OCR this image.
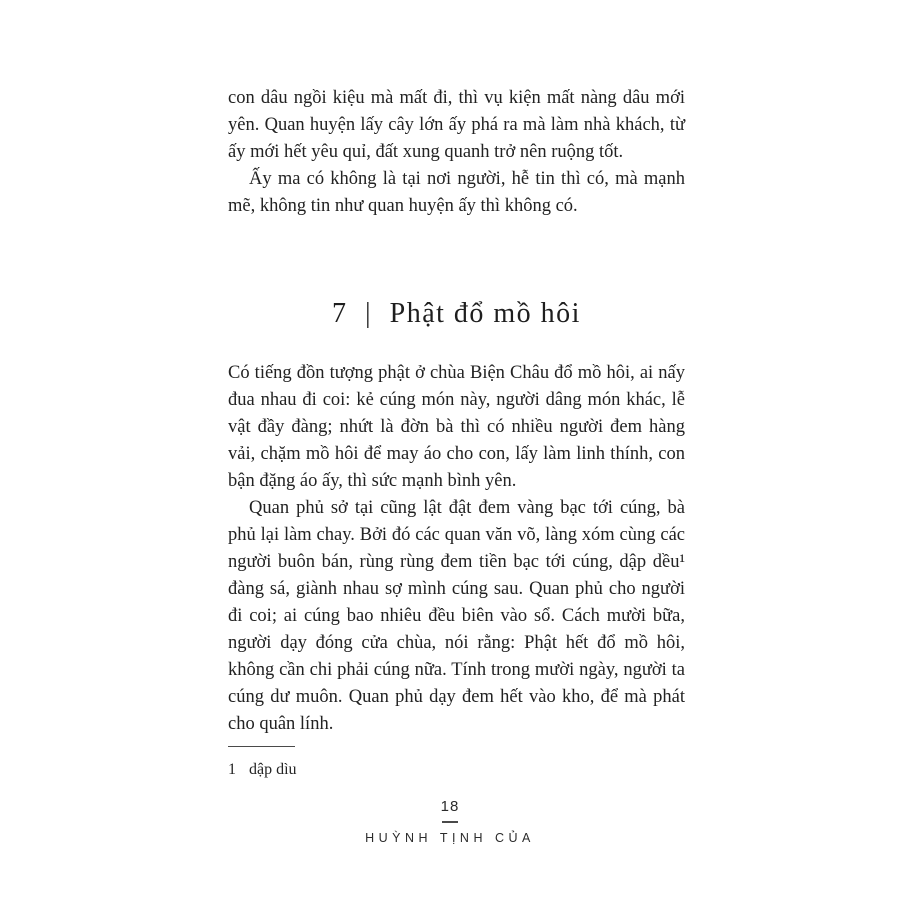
con dâu ngồi kiệu mà mất đi, thì vụ kiện mất nàng dâu mới yên. Quan huyện lấy cây lớn ấy phá ra mà làm nhà khách, từ ấy mới hết yêu quỉ, đất xung quanh trở nên ruộng tốt.

Ấy ma có không là tại nơi người, hễ tin thì có, mà mạnh mẽ, không tin như quan huyện ấy thì không có.

7 | Phật đổ mồ hôi

Có tiếng đồn tượng phật ở chùa Biện Châu đổ mồ hôi, ai nấy đua nhau đi coi: kẻ cúng món này, người dâng món khác, lễ vật đầy đàng; nhứt là đờn bà thì có nhiều người đem hàng vải, chặm mồ hôi để may áo cho con, lấy làm linh thính, con bận đặng áo ấy, thì sức mạnh bình yên.

Quan phủ sở tại cũng lật đật đem vàng bạc tới cúng, bà phủ lại làm chay. Bởi đó các quan văn võ, làng xóm cùng các người buôn bán, rùng rùng đem tiền bạc tới cúng, dập dều¹ đàng sá, giành nhau sợ mình cúng sau. Quan phủ cho người đi coi; ai cúng bao nhiêu đều biên vào sổ. Cách mười bữa, người dạy đóng cửa chùa, nói rằng: Phật hết đổ mồ hôi, không cần chi phải cúng nữa. Tính trong mười ngày, người ta cúng dư muôn. Quan phủ dạy đem hết vào kho, để mà phát cho quân lính.

1 dập dìu

18
HUỲNH TỊNH CỦA
